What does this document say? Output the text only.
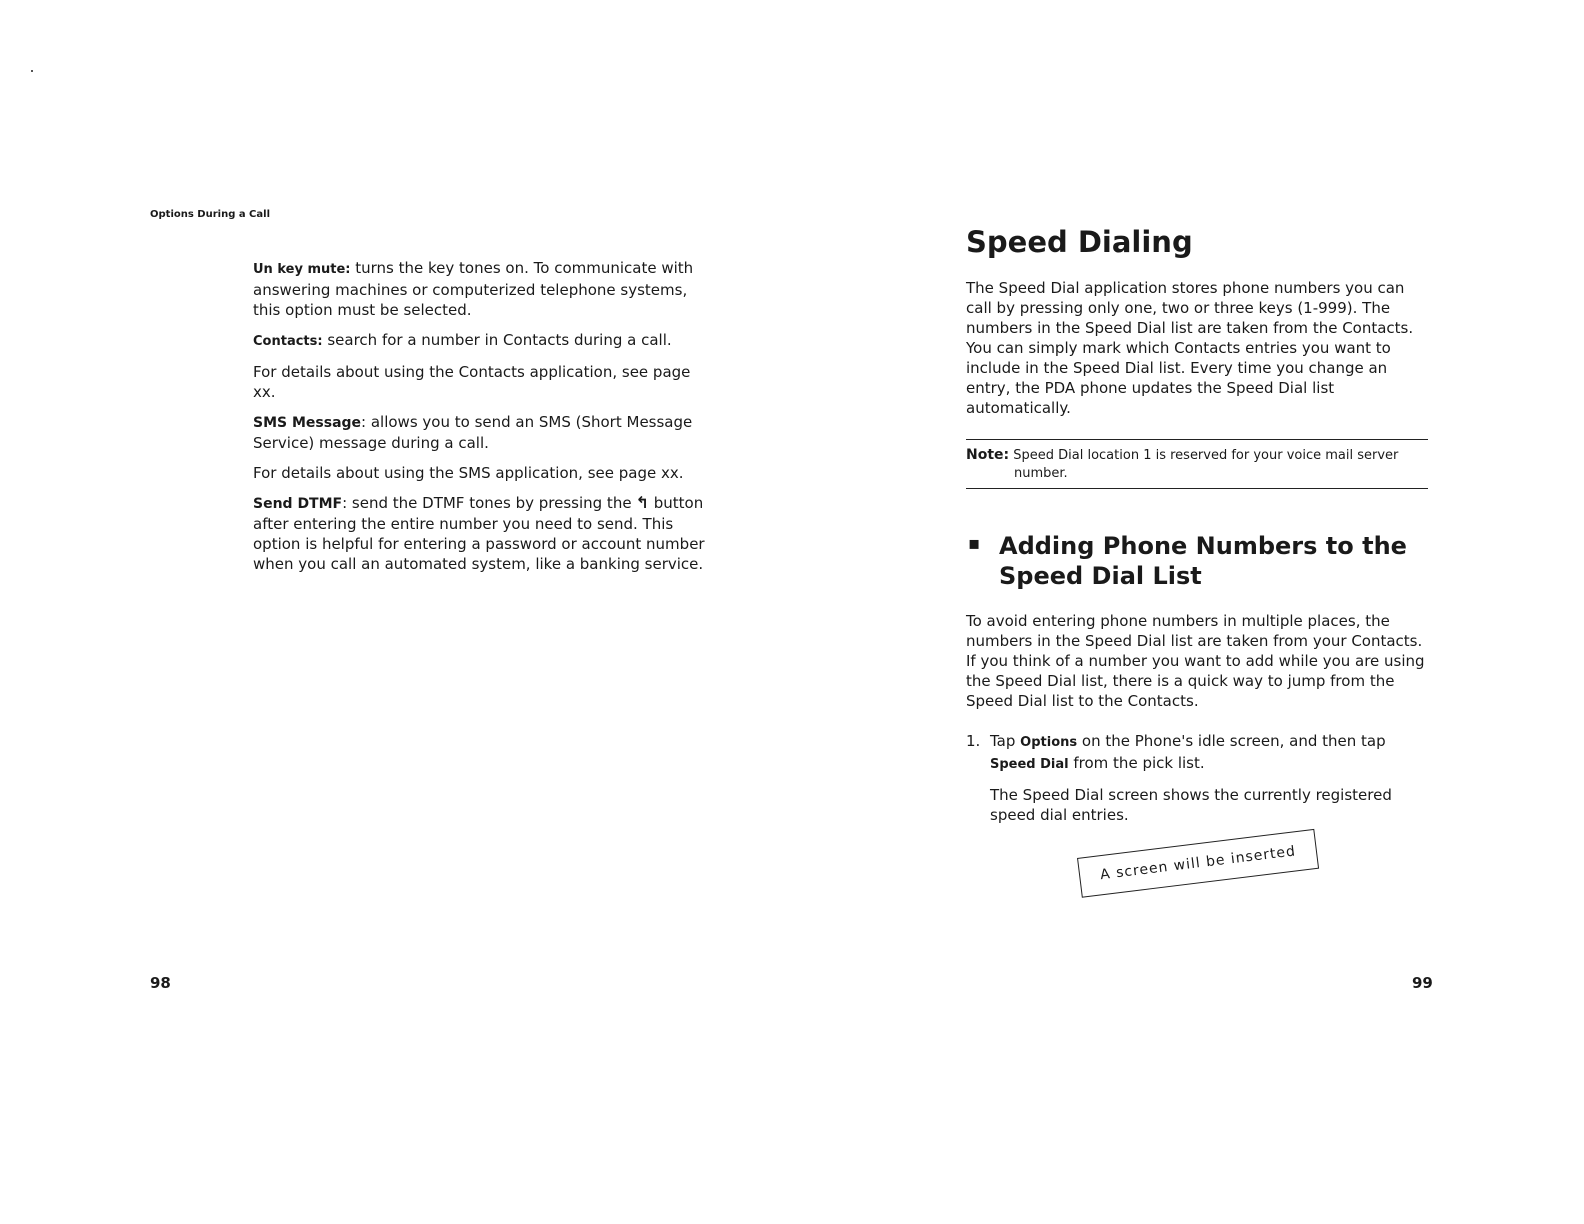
Options During a Call

Un key mute: turns the key tones on. To communicate with answering machines or computerized telephone systems, this option must be selected.

Contacts: search for a number in Contacts during a call.

For details about using the Contacts application, see page xx.

SMS Message: allows you to send an SMS (Short Message Service) message during a call.

For details about using the SMS application, see page xx.

Send DTMF: send the DTMF tones by pressing the ↰ button after entering the entire number you need to send. This option is helpful for entering a password or account number when you call an automated system, like a banking service.

98
Speed Dialing

The Speed Dial application stores phone numbers you can call by pressing only one, two or three keys (1-999). The numbers in the Speed Dial list are taken from the Contacts. You can simply mark which Contacts entries you want to include in the Speed Dial list. Every time you change an entry, the PDA phone updates the Speed Dial list automatically.

Note: Speed Dial location 1 is reserved for your voice mail server
number.
▪ Adding Phone Numbers to the Speed Dial List

To avoid entering phone numbers in multiple places, the numbers in the Speed Dial list are taken from your Contacts. If you think of a number you want to add while you are using the Speed Dial list, there is a quick way to jump from the Speed Dial list to the Contacts.

1. Tap Options on the Phone's idle screen, and then tap Speed Dial from the pick list.

The Speed Dial screen shows the currently registered speed dial entries.

A screen will be inserted
99
